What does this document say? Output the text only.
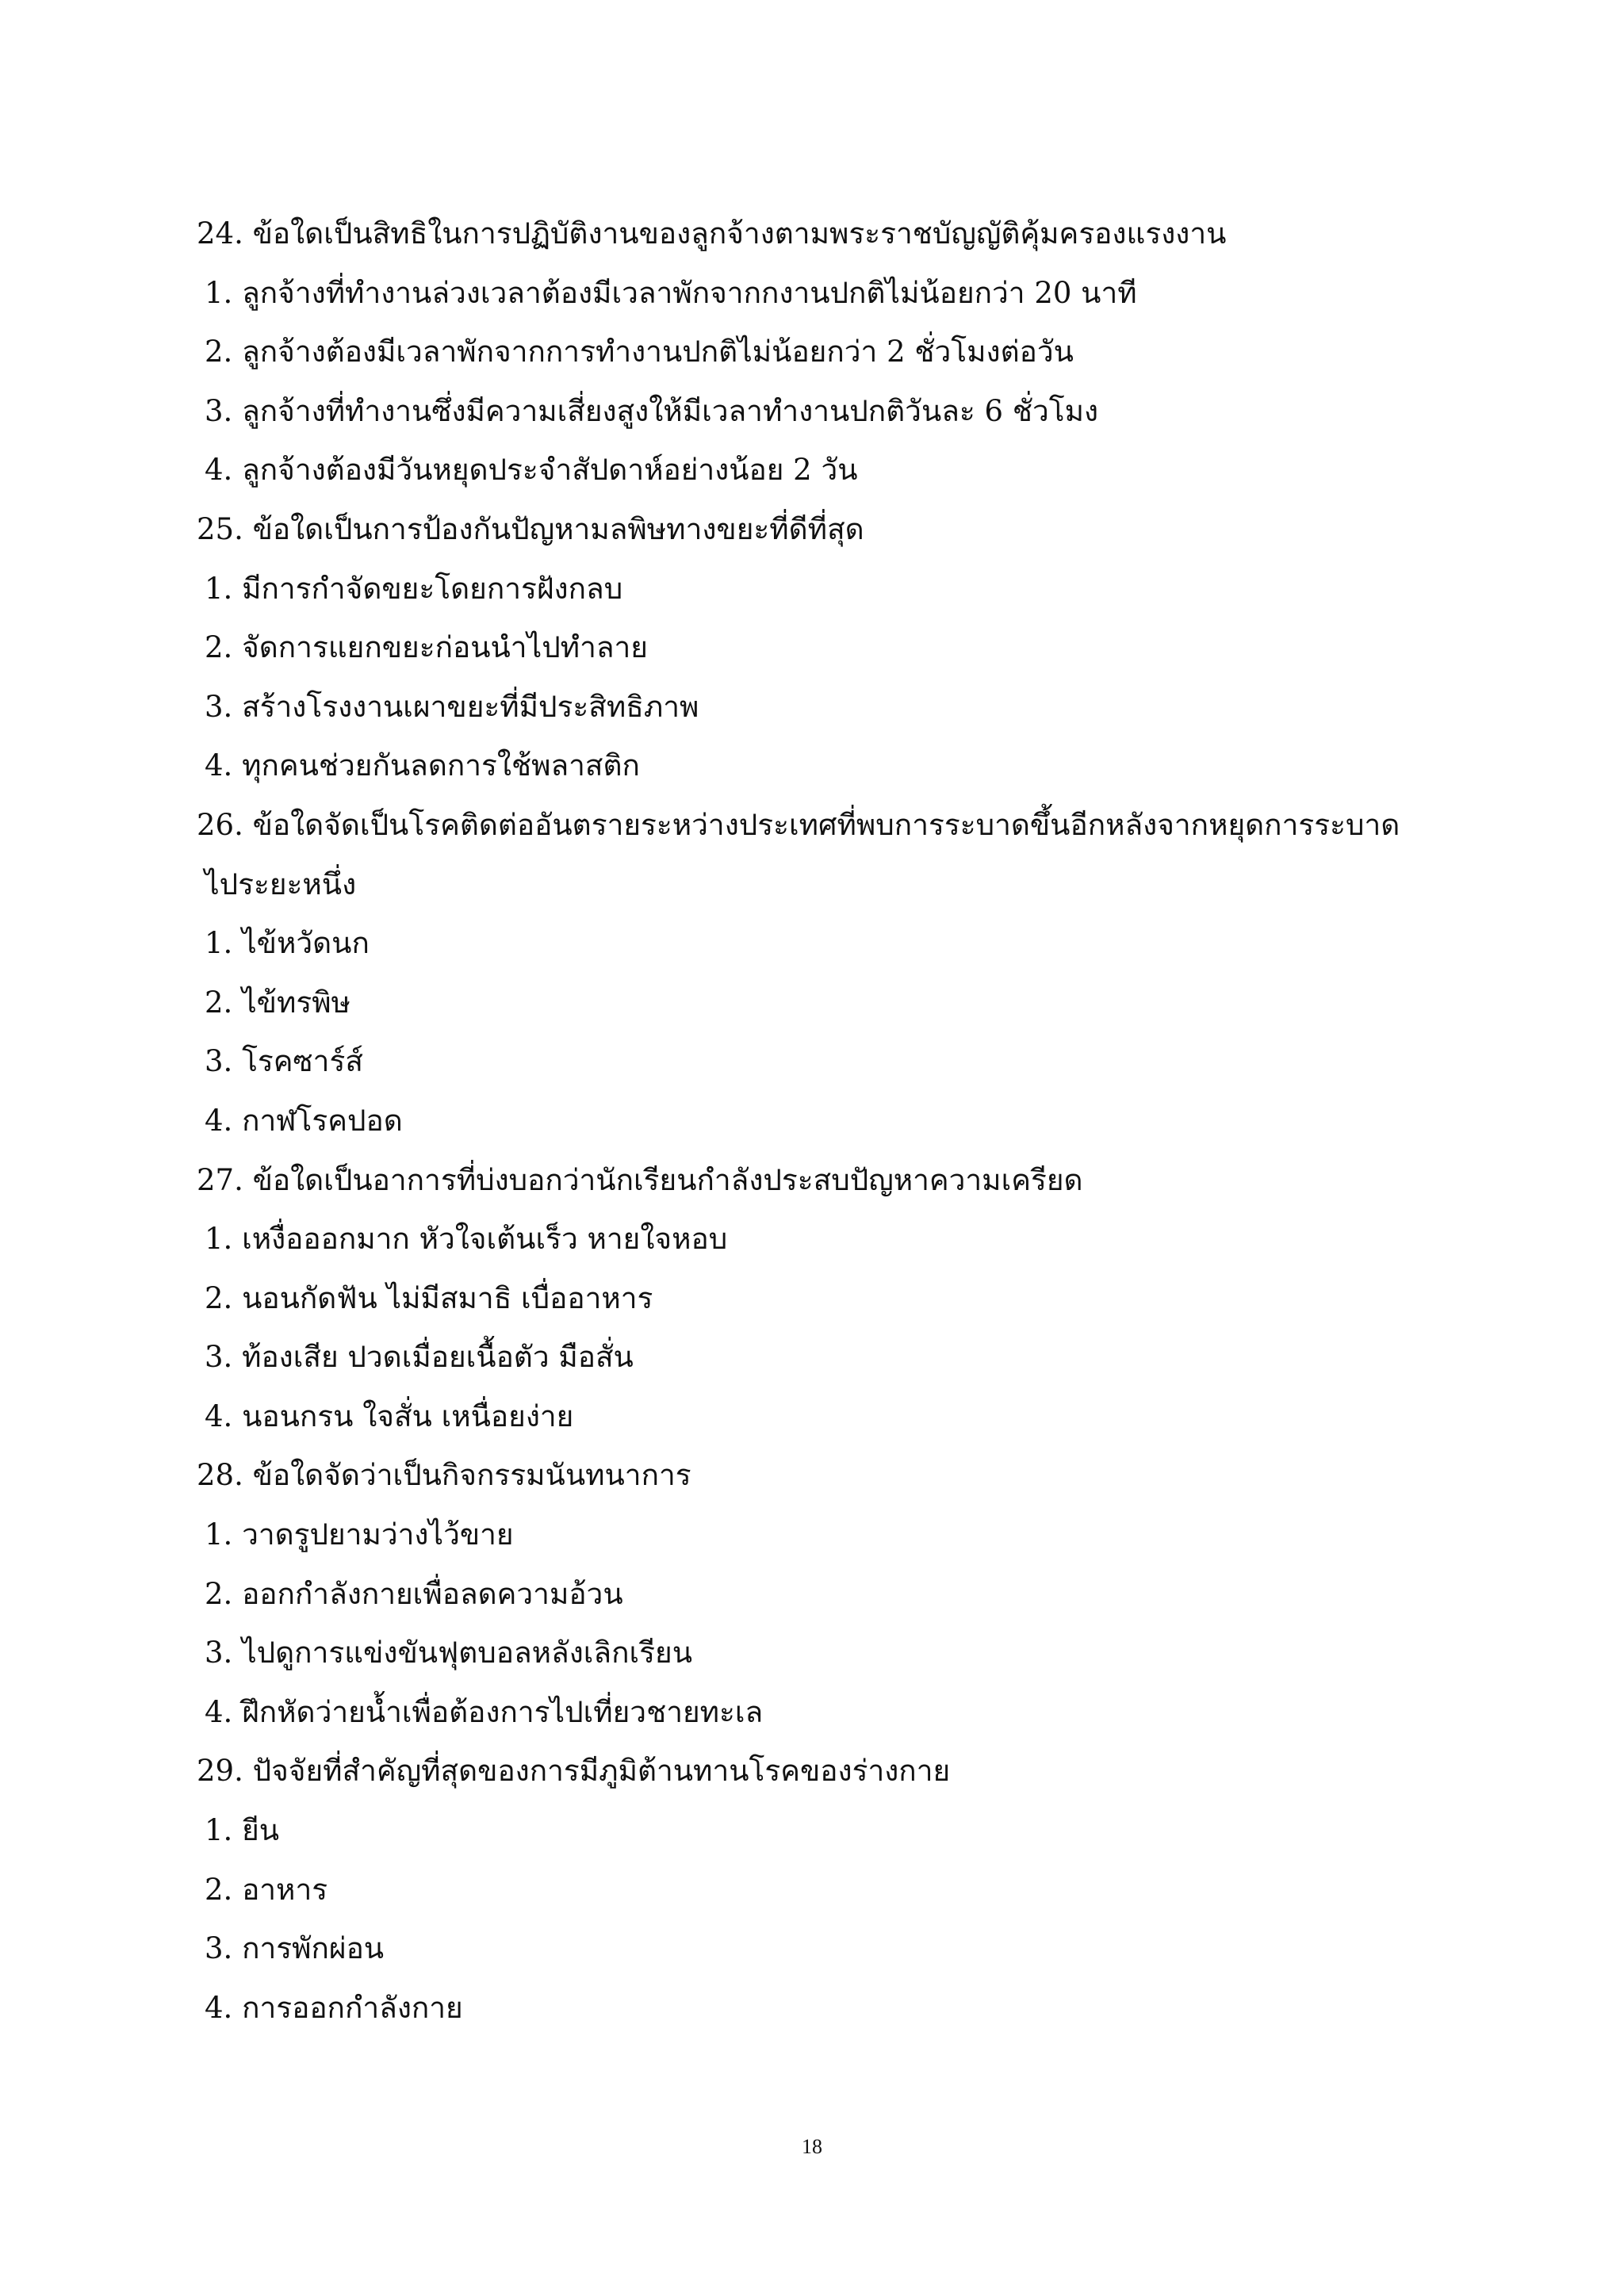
24. ข้อใดเป็นสิทธิในการปฏิบัติงานของลูกจ้างตามพระราชบัญญัติคุ้มครองแรงงาน
1. ลูกจ้างที่ทำงานล่วงเวลาต้องมีเวลาพักจากกงานปกติไม่น้อยกว่า 20 นาที
2. ลูกจ้างต้องมีเวลาพักจากการทำงานปกติไม่น้อยกว่า 2 ชั่วโมงต่อวัน
3. ลูกจ้างที่ทำงานซึ่งมีความเสี่ยงสูงให้มีเวลาทำงานปกติวันละ 6 ชั่วโมง
4. ลูกจ้างต้องมีวันหยุดประจำสัปดาห์อย่างน้อย 2 วัน
25. ข้อใดเป็นการป้องกันปัญหามลพิษทางขยะที่ดีที่สุด
1. มีการกำจัดขยะโดยการฝังกลบ
2. จัดการแยกขยะก่อนนำไปทำลาย
3. สร้างโรงงานเผาขยะที่มีประสิทธิภาพ
4. ทุกคนช่วยกันลดการใช้พลาสติก
26. ข้อใดจัดเป็นโรคติดต่ออันตรายระหว่างประเทศที่พบการระบาดขึ้นอีกหลังจากหยุดการระบาด
ไประยะหนึ่ง
1. ไข้หวัดนก
2. ไข้ทรพิษ
3. โรคซาร์ส์
4. กาฬโรคปอด
27. ข้อใดเป็นอาการที่บ่งบอกว่านักเรียนกำลังประสบปัญหาความเครียด
1. เหงื่อออกมาก หัวใจเต้นเร็ว หายใจหอบ
2. นอนกัดฟัน ไม่มีสมาธิ เบื่ออาหาร
3. ท้องเสีย ปวดเมื่อยเนื้อตัว มือสั่น
4. นอนกรน ใจสั่น เหนื่อยง่าย
28. ข้อใดจัดว่าเป็นกิจกรรมนันทนาการ
1. วาดรูปยามว่างไว้ขาย
2. ออกกำลังกายเพื่อลดความอ้วน
3. ไปดูการแข่งขันฟุตบอลหลังเลิกเรียน
4. ฝึกหัดว่ายน้ำเพื่อต้องการไปเที่ยวชายทะเล
29. ปัจจัยที่สำคัญที่สุดของการมีภูมิต้านทานโรคของร่างกาย
1. ยีน
2. อาหาร
3. การพักผ่อน
4. การออกกำลังกาย
18
